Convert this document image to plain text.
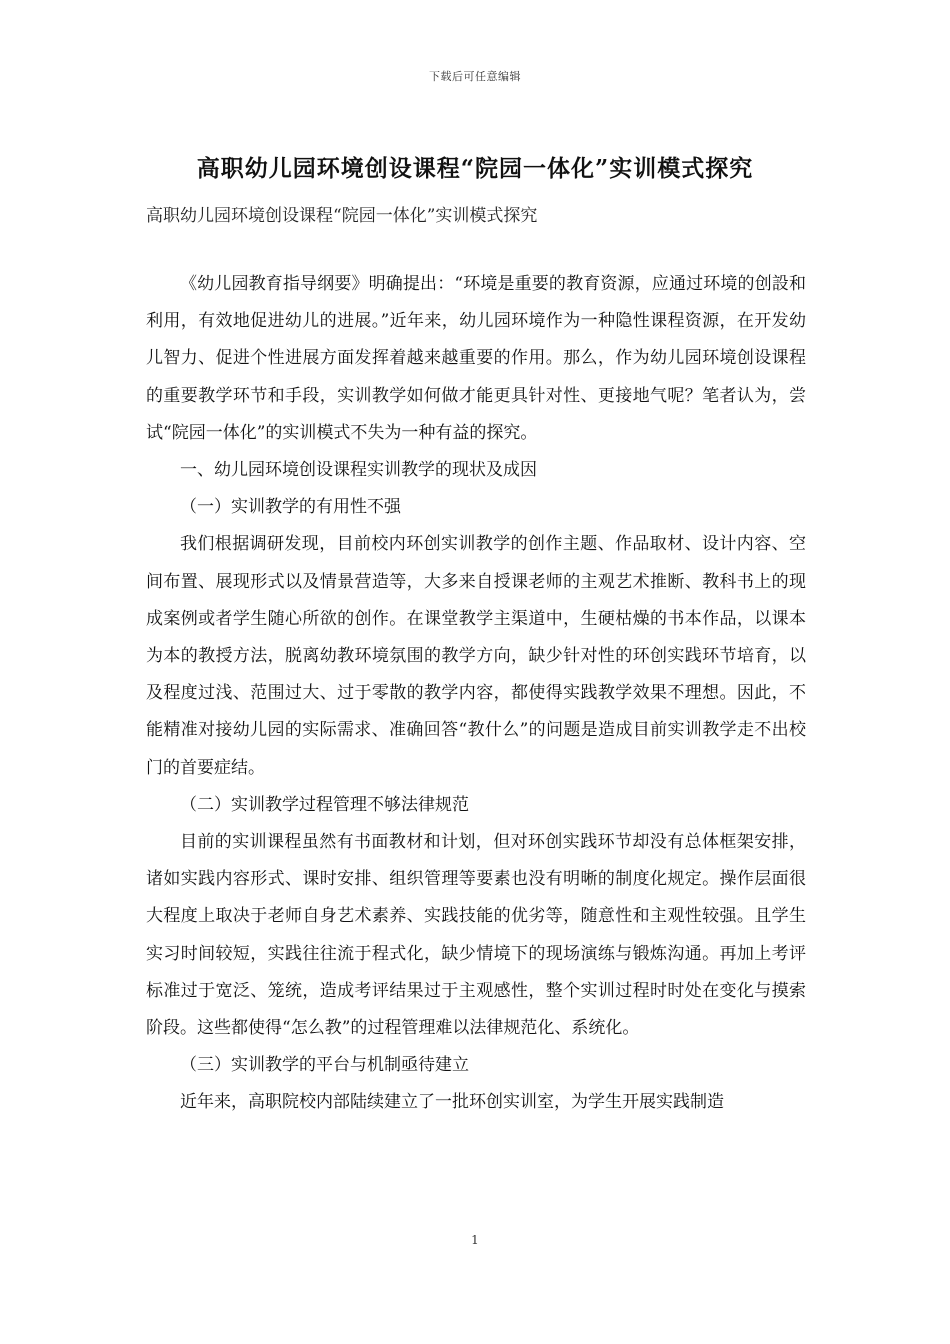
下载后可任意编辑
高职幼儿园环境创设课程“院园一体化”实训模式探究
高职幼儿园环境创设课程“院园一体化”实训模式探究

《幼儿园教育指导纲要》明确提出：“环境是重要的教育资源，应通过环境的创設和利用，有效地促进幼儿的进展。”近年来，幼儿园环境作为一种隐性课程资源，在开发幼儿智力、促进个性进展方面发挥着越来越重要的作用。那么，作为幼儿园环境创设课程的重要教学环节和手段，实训教学如何做才能更具针对性、更接地气呢？笔者认为，尝试“院园一体化”的实训模式不失为一种有益的探究。

一、幼儿园环境创设课程实训教学的现状及成因

（一）实训教学的有用性不强

我们根据调研发现，目前校内环创实训教学的创作主题、作品取材、设计内容、空间布置、展现形式以及情景营造等，大多来自授课老师的主观艺术推断、教科书上的现成案例或者学生随心所欲的创作。在课堂教学主渠道中，生硬枯燥的书本作品，以课本为本的教授方法，脱离幼教环境氛围的教学方向，缺少针对性的环创实践环节培育，以及程度过浅、范围过大、过于零散的教学内容，都使得实践教学效果不理想。因此，不能精准对接幼儿园的实际需求、准确回答“教什么”的问题是造成目前实训教学走不出校门的首要症结。

（二）实训教学过程管理不够法律规范

目前的实训课程虽然有书面教材和计划，但对环创实践环节却没有总体框架安排，诸如实践内容形式、课时安排、组织管理等要素也没有明晰的制度化规定。操作层面很大程度上取决于老师自身艺术素养、实践技能的优劣等，随意性和主观性较强。且学生实习时间较短，实践往往流于程式化，缺少情境下的现场演练与锻炼沟通。再加上考评标准过于宽泛、笼统，造成考评结果过于主观感性，整个实训过程时时处在变化与摸索阶段。这些都使得“怎么教”的过程管理难以法律规范化、系统化。

（三）实训教学的平台与机制亟待建立

近年来，高职院校内部陆续建立了一批环创实训室，为学生开展实践制造

1
